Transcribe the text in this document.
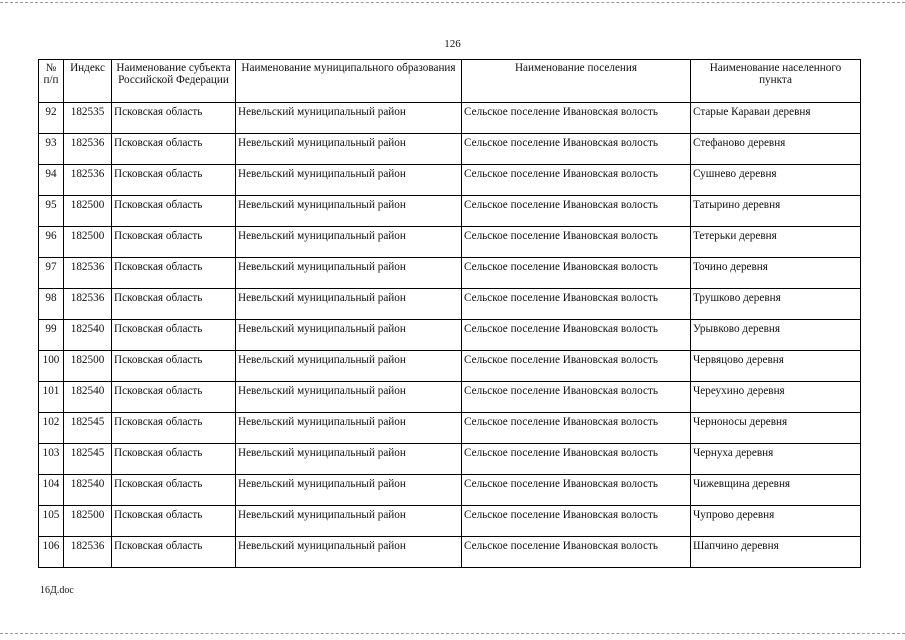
126
№ п/п	Индекс	Наименование субъекта Российской Федерации	Наименование муниципального образования	Наименование поселения	Наименование населенного пункта
92	182535	Псковская область	Невельский муниципальный район	Сельское поселение Ивановская волость	Старые Караваи деревня
93	182536	Псковская область	Невельский муниципальный район	Сельское поселение Ивановская волость	Стефаново деревня
94	182536	Псковская область	Невельский муниципальный район	Сельское поселение Ивановская волость	Сушнево деревня
95	182500	Псковская область	Невельский муниципальный район	Сельское поселение Ивановская волость	Татырино деревня
96	182500	Псковская область	Невельский муниципальный район	Сельское поселение Ивановская волость	Тетерьки деревня
97	182536	Псковская область	Невельский муниципальный район	Сельское поселение Ивановская волость	Точино деревня
98	182536	Псковская область	Невельский муниципальный район	Сельское поселение Ивановская волость	Трушково деревня
99	182540	Псковская область	Невельский муниципальный район	Сельское поселение Ивановская волость	Урывково деревня
100	182500	Псковская область	Невельский муниципальный район	Сельское поселение Ивановская волость	Червяцово деревня
101	182540	Псковская область	Невельский муниципальный район	Сельское поселение Ивановская волость	Череухино деревня
102	182545	Псковская область	Невельский муниципальный район	Сельское поселение Ивановская волость	Черноносы деревня
103	182545	Псковская область	Невельский муниципальный район	Сельское поселение Ивановская волость	Чернуха деревня
104	182540	Псковская область	Невельский муниципальный район	Сельское поселение Ивановская волость	Чижевщина деревня
105	182500	Псковская область	Невельский муниципальный район	Сельское поселение Ивановская волость	Чупрово деревня
106	182536	Псковская область	Невельский муниципальный район	Сельское поселение Ивановская волость	Шапчино деревня
16Д.doc
